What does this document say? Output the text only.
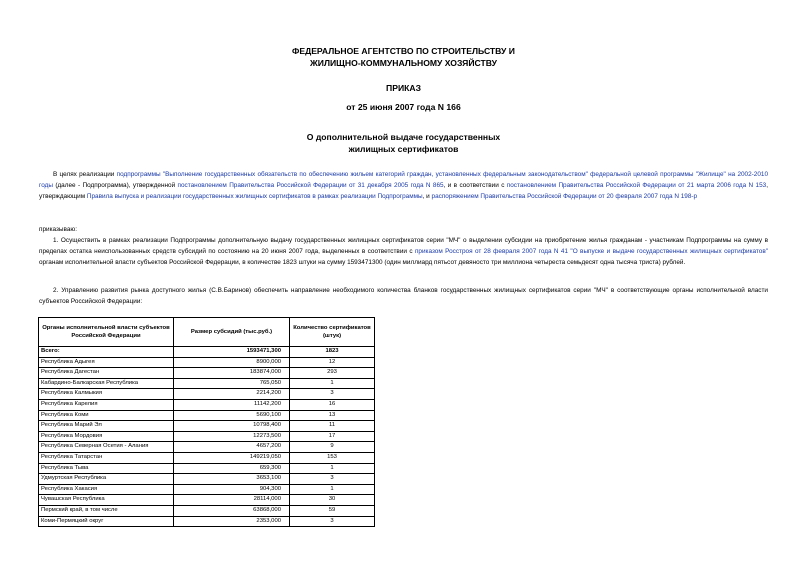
ФЕДЕРАЛЬНОЕ АГЕНТСТВО ПО СТРОИТЕЛЬСТВУ И
ЖИЛИЩНО-КОММУНАЛЬНОМУ ХОЗЯЙСТВУ
ПРИКАЗ
от 25 июня 2007 года N 166
О дополнительной выдаче государственных
жилищных сертификатов
В целях реализации подпрограммы "Выполнение государственных обязательств по обеспечению жильем категорий граждан, установленных федеральным законодательством" федеральной целевой программы "Жилище" на 2002-2010 годы (далее - Подпрограмма), утвержденной постановлением Правительства Российской Федерации от 31 декабря 2005 года N 865, и в соответствии с постановлением Правительства Российской Федерации от 21 марта 2006 года N 153, утверждающим Правила выпуска и реализации государственных жилищных сертификатов в рамках реализации Подпрограммы, и распоряжением Правительства Российской Федерации от 20 февраля 2007 года N 198-р
приказываю:
1. Осуществить в рамках реализации Подпрограммы дополнительную выдачу государственных жилищных сертификатов серии "МЧ" о выделении субсидии на приобретение жилья гражданам - участникам Подпрограммы на сумму в пределах остатка неиспользованных средств субсидий по состоянию на 20 июня 2007 года, выделенных в соответствии с приказом Росстроя от 28 февраля 2007 года N 41 "О выпуске и выдаче государственных жилищных сертификатов" органам исполнительной власти субъектов Российской Федерации, в количестве 1823 штуки на сумму 1593471300 (один миллиард пятьсот девяносто три миллиона четыреста семьдесят одна тысяча триста) рублей.
2. Управлению развития рынка доступного жилья (С.В.Баринов) обеспечить направление необходимого количества бланков государственных жилищных сертификатов серии "МЧ" в соответствующие органы исполнительной власти субъектов Российской Федерации:
Органы исполнительной власти субъектов Российской Федерации	Размер субсидий (тыс.руб.)	Количество сертификатов (штук)
Всего:	1593471,300	1823
Республика Адыгея	8900,000	12
Республика Дагестан	183874,000	293
Кабардино-Балкарская Республика	765,050	1
Республика Калмыкия	2214,200	3
Республика Карелия	11142,200	16
Республика Коми	5690,100	13
Республика Марий Эл	10798,400	11
Республика Мордовия	12273,500	17
Республика Северная Осетия - Алания	4657,200	9
Республика Татарстан	149219,050	153
Республика Тыва	659,300	1
Удмуртская Республика	3653,100	3
Республика Хакасия	904,300	1
Чувашская Республика	28114,000	30
Пермский край, в том числе	63868,000	59
Коми-Пермяцкий округ	2353,000	3
